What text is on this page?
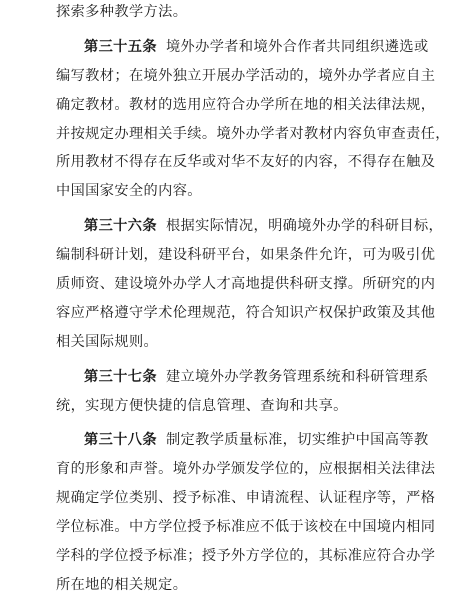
探索多种教学方法。
第三十五条 境外办学者和境外合作者共同组织遴选或
编写教材；在境外独立开展办学活动的，境外办学者应自主
确定教材。教材的选用应符合办学所在地的相关法律法规，
并按规定办理相关手续。境外办学者对教材内容负审查责任，
所用教材不得存在反华或对华不友好的内容，不得存在触及
中国国家安全的内容。
第三十六条 根据实际情况，明确境外办学的科研目标，
编制科研计划，建设科研平台，如果条件允许，可为吸引优
质师资、建设境外办学人才高地提供科研支撑。所研究的内
容应严格遵守学术伦理规范，符合知识产权保护政策及其他
相关国际规则。
第三十七条 建立境外办学教务管理系统和科研管理系
统，实现方便快捷的信息管理、查询和共享。
第三十八条 制定教学质量标准，切实维护中国高等教
育的形象和声誉。境外办学颁发学位的，应根据相关法律法
规确定学位类别、授予标准、申请流程、认证程序等，严格
学位标准。中方学位授予标准应不低于该校在中国境内相同
学科的学位授予标准；授予外方学位的，其标准应符合办学
所在地的相关规定。
